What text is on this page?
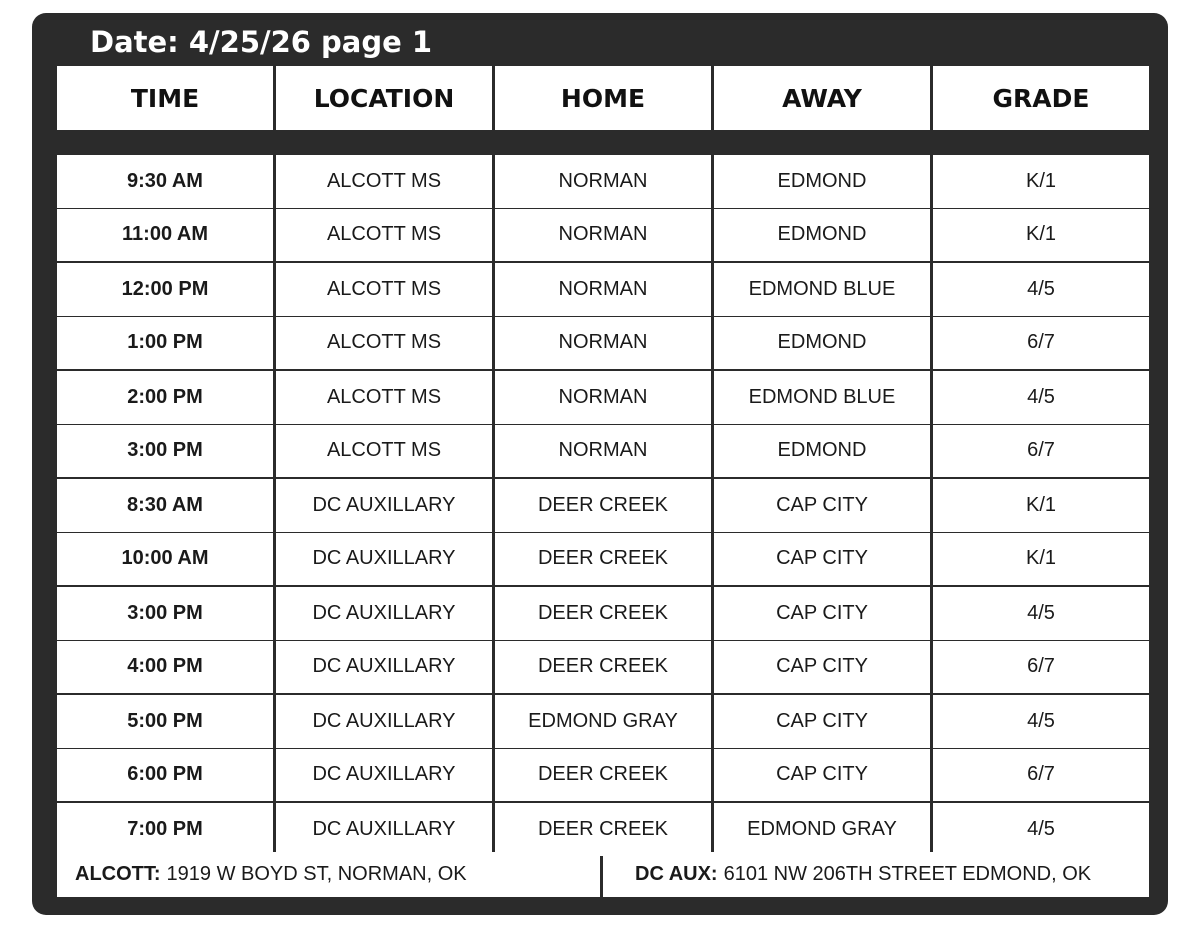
Date: 4/25/26 page 1
TIME	LOCATION	HOME	AWAY	GRADE
9:30 AM	ALCOTT MS	NORMAN	EDMOND	K/1
11:00 AM	ALCOTT MS	NORMAN	EDMOND	K/1
12:00 PM	ALCOTT MS	NORMAN	EDMOND BLUE	4/5
1:00 PM	ALCOTT MS	NORMAN	EDMOND	6/7
2:00 PM	ALCOTT MS	NORMAN	EDMOND BLUE	4/5
3:00 PM	ALCOTT MS	NORMAN	EDMOND	6/7
8:30 AM	DC AUXILLARY	DEER CREEK	CAP CITY	K/1
10:00 AM	DC AUXILLARY	DEER CREEK	CAP CITY	K/1
3:00 PM	DC AUXILLARY	DEER CREEK	CAP CITY	4/5
4:00 PM	DC AUXILLARY	DEER CREEK	CAP CITY	6/7
5:00 PM	DC AUXILLARY	EDMOND GRAY	CAP CITY	4/5
6:00 PM	DC AUXILLARY	DEER CREEK	CAP CITY	6/7
7:00 PM	DC AUXILLARY	DEER CREEK	EDMOND GRAY	4/5
ALCOTT: 1919 W BOYD ST, NORMAN, OK	DC AUX: 6101 NW 206TH STREET EDMOND, OK
